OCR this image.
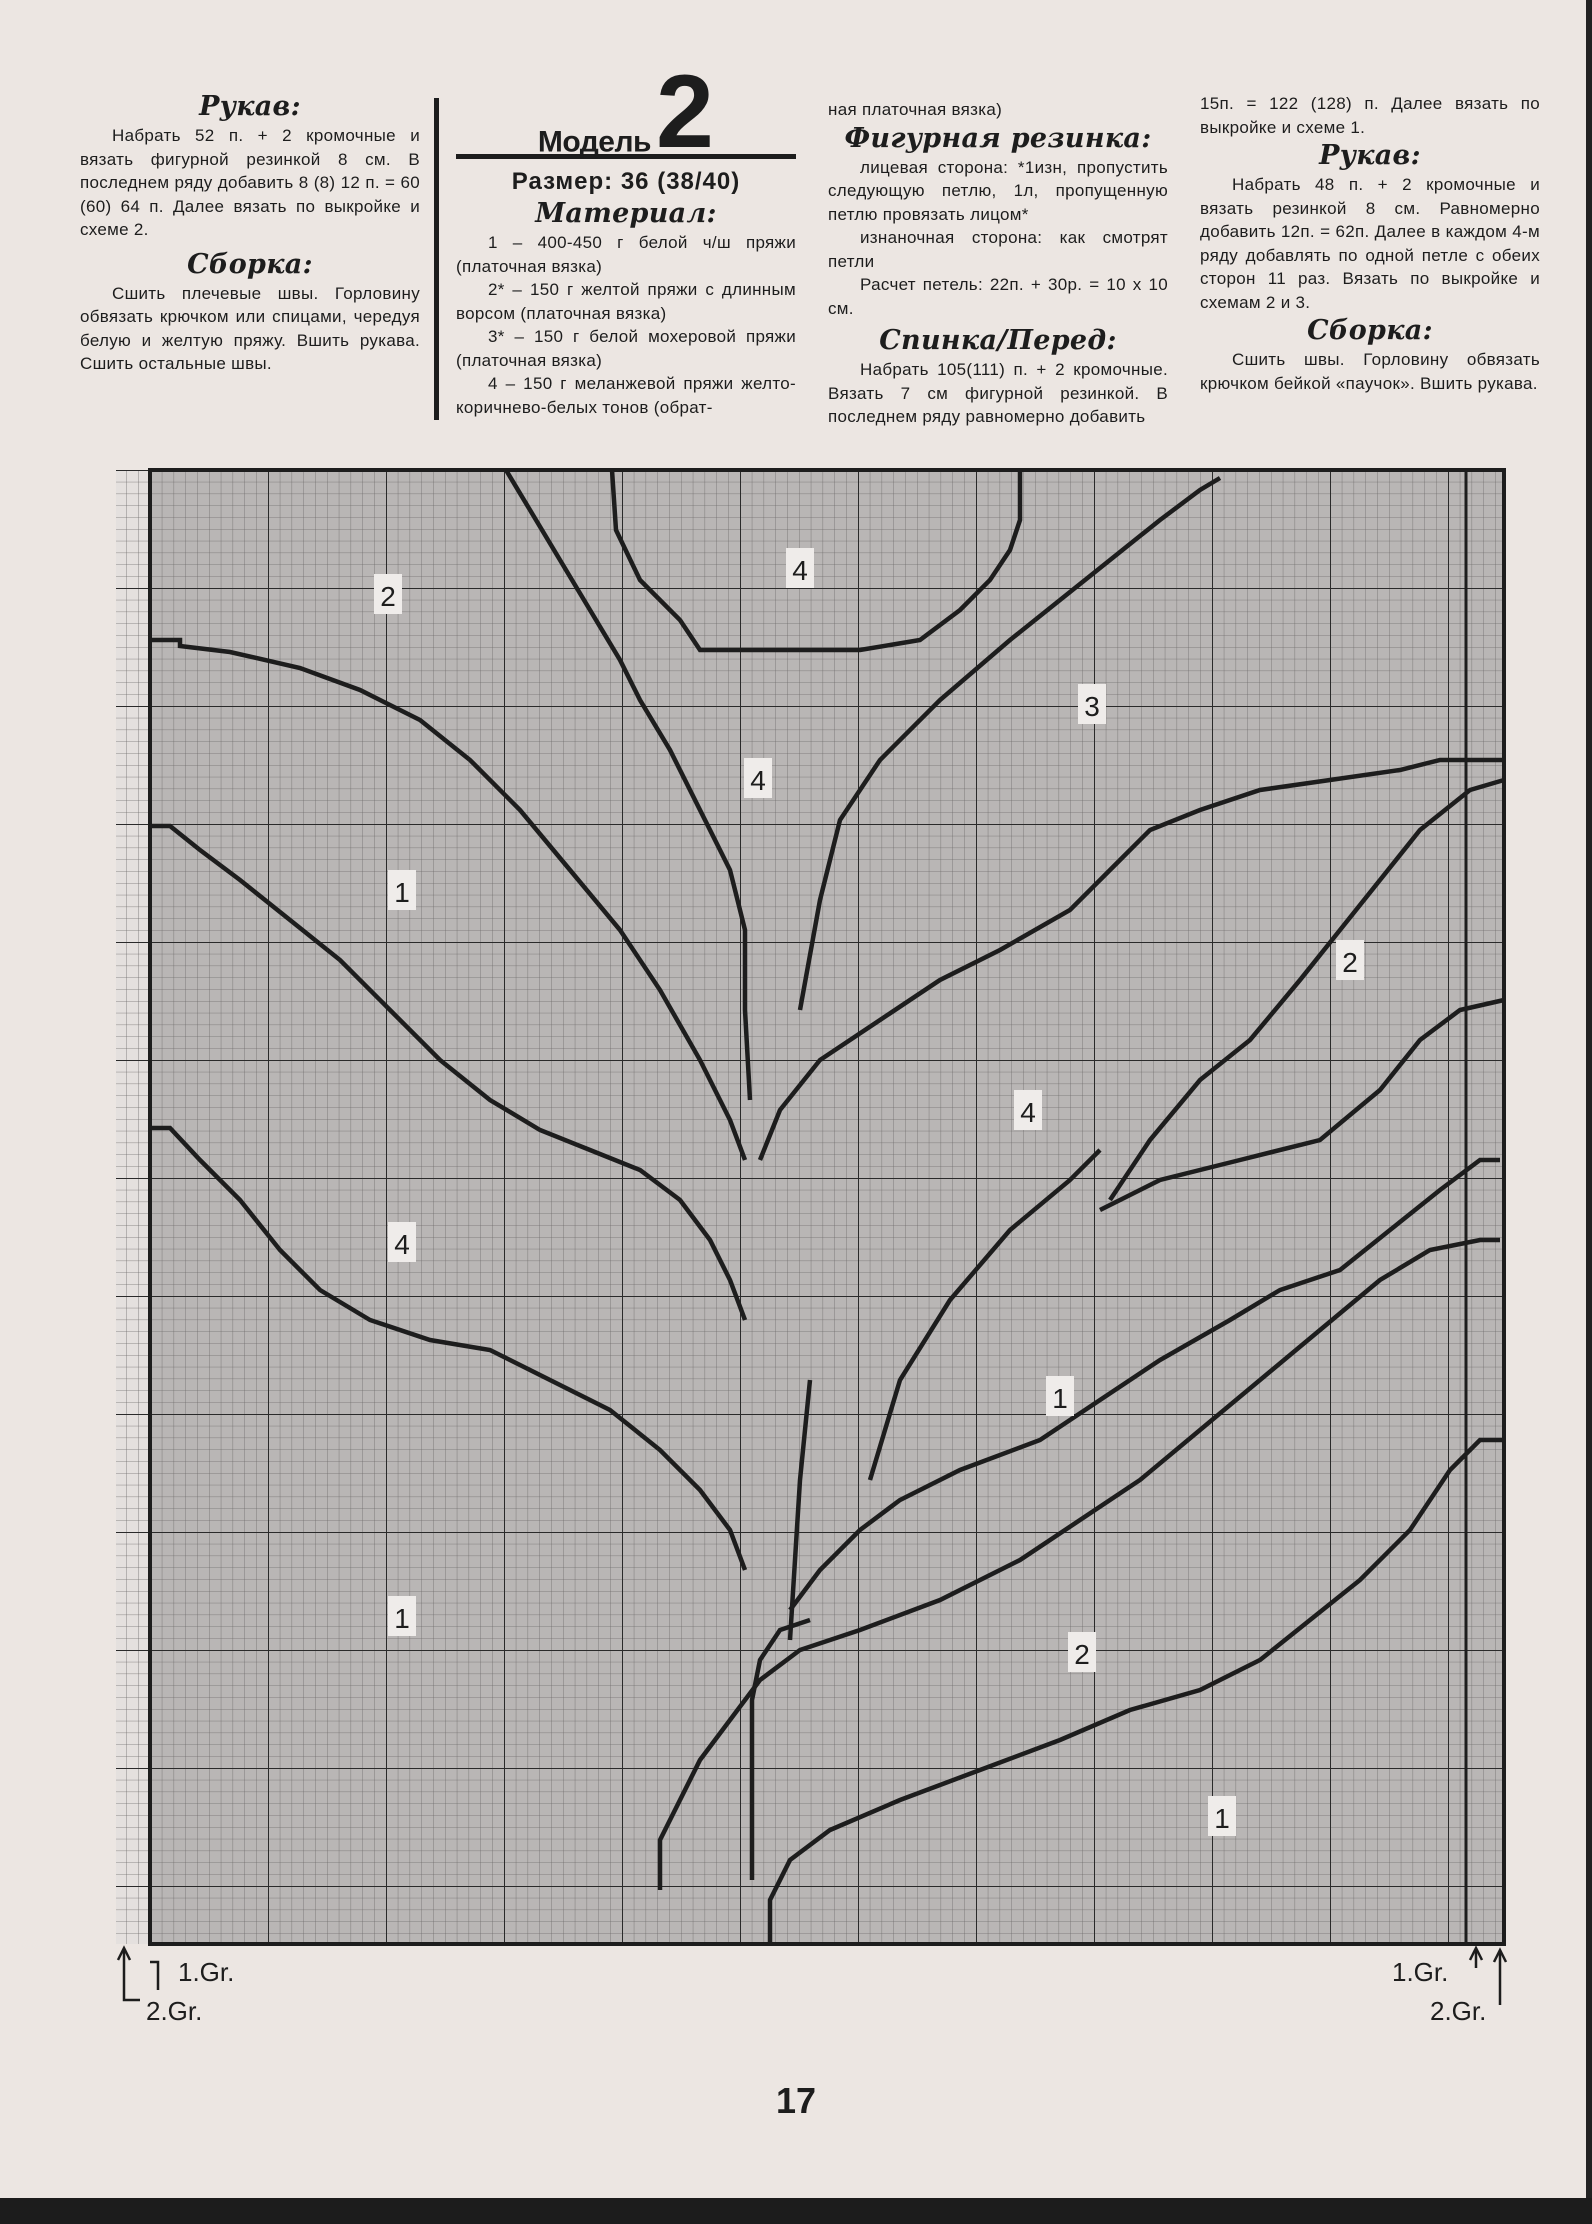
Рукав:

Набрать 52 п. + 2 кромочные и вязать фигурной резинкой 8 см. В последнем ряду добавить 8 (8) 12 п. = 60 (60) 64 п. Далее вязать по выкройке и схеме 2.

Сборка:

Сшить плечевые швы. Горловину обвязать крючком или спицами, чередуя белую и желтую пряжу. Вшить рукава. Сшить остальные швы.

Модель 2
Размер: 36 (38/40)
Материал:

1 – 400-450 г белой ч/ш пряжи (платочная вязка)

2* – 150 г желтой пряжи с длинным ворсом (платочная вязка)

3* – 150 г белой мохеровой пряжи (платочная вязка)

4 – 150 г меланжевой пряжи желто-коричнево-белых тонов (обрат-

ная платочная вязка)

Фигурная резинка:

лицевая сторона: *1изн, пропустить следующую петлю, 1л, пропущенную петлю провязать лицом*

изнаночная сторона: как смотрят петли

Расчет петель: 22п. + 30р. = 10 x 10 см.

Спинка/Перед:

Набрать 105(111) п. + 2 кромочные. Вязать 7 см фигурной резинкой. В последнем ряду равномерно добавить

15п. = 122 (128) п. Далее вязать по выкройке и схеме 1.

Рукав:

Набрать 48 п. + 2 кромочные и вязать резинкой 8 см. Равномерно добавить 12п. = 62п. Далее в каждом 4-м ряду добавлять по одной петле с обеих сторон 11 раз. Вязать по выкройке и схемам 2 и 3.

Сборка:

Сшить швы. Горловину обвязать крючком бейкой «паучок». Вшить рукава.

2
4
3
4
1
2
4
4
1
1
2
1
1.Gr.
2.Gr.
1.Gr.
2.Gr.
17
